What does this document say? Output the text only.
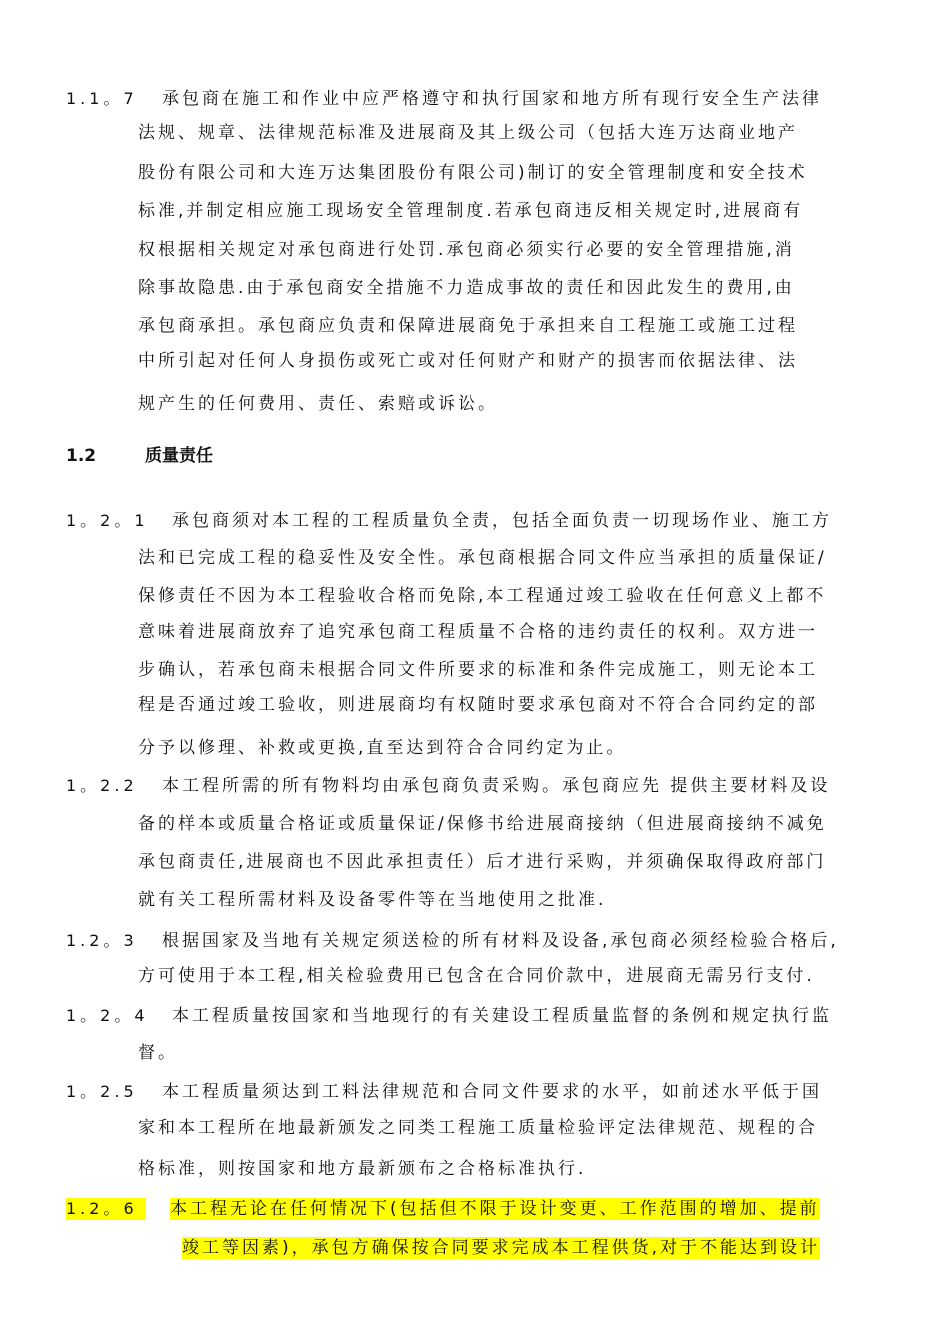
1.1。7 承包商在施工和作业中应严格遵守和执行国家和地方所有现行安全生产法律
法规、规章、法律规范标准及进展商及其上级公司（包括大连万达商业地产
股份有限公司和大连万达集团股份有限公司)制订的安全管理制度和安全技术
标准,并制定相应施工现场安全管理制度.若承包商违反相关规定时,进展商有
权根据相关规定对承包商进行处罚.承包商必须实行必要的安全管理措施,消
除事故隐患.由于承包商安全措施不力造成事故的责任和因此发生的费用,由
承包商承担。承包商应负责和保障进展商免于承担来自工程施工或施工过程
中所引起对任何人身损伤或死亡或对任何财产和财产的损害而依据法律、法
规产生的任何费用、责任、索赔或诉讼。
1.2	质量责任
1。2。1 承包商须对本工程的工程质量负全责，包括全面负责一切现场作业、施工方
法和已完成工程的稳妥性及安全性。承包商根据合同文件应当承担的质量保证/
保修责任不因为本工程验收合格而免除,本工程通过竣工验收在任何意义上都不
意味着进展商放弃了追究承包商工程质量不合格的违约责任的权利。双方进一
步确认，若承包商未根据合同文件所要求的标准和条件完成施工，则无论本工
程是否通过竣工验收，则进展商均有权随时要求承包商对不符合合同约定的部
分予以修理、补救或更换,直至达到符合合同约定为止。
1。2.2 本工程所需的所有物料均由承包商负责采购。承包商应先 提供主要材料及设
备的样本或质量合格证或质量保证/保修书给进展商接纳（但进展商接纳不减免
承包商责任,进展商也不因此承担责任）后才进行采购，并须确保取得政府部门
就有关工程所需材料及设备零件等在当地使用之批准.
1.2。3 根据国家及当地有关规定须送检的所有材料及设备,承包商必须经检验合格后,
方可使用于本工程,相关检验费用已包含在合同价款中，进展商无需另行支付.
1。2。4 本工程质量按国家和当地现行的有关建设工程质量监督的条例和规定执行监
督。
1。2.5 本工程质量须达到工料法律规范和合同文件要求的水平，如前述水平低于国
家和本工程所在地最新颁发之同类工程施工质量检验评定法律规范、规程的合
格标准，则按国家和地方最新颁布之合格标准执行.
1.2。6	本工程无论在任何情况下(包括但不限于设计变更、工作范围的增加、提前
竣工等因素)，承包方确保按合同要求完成本工程供货,对于不能达到设计
